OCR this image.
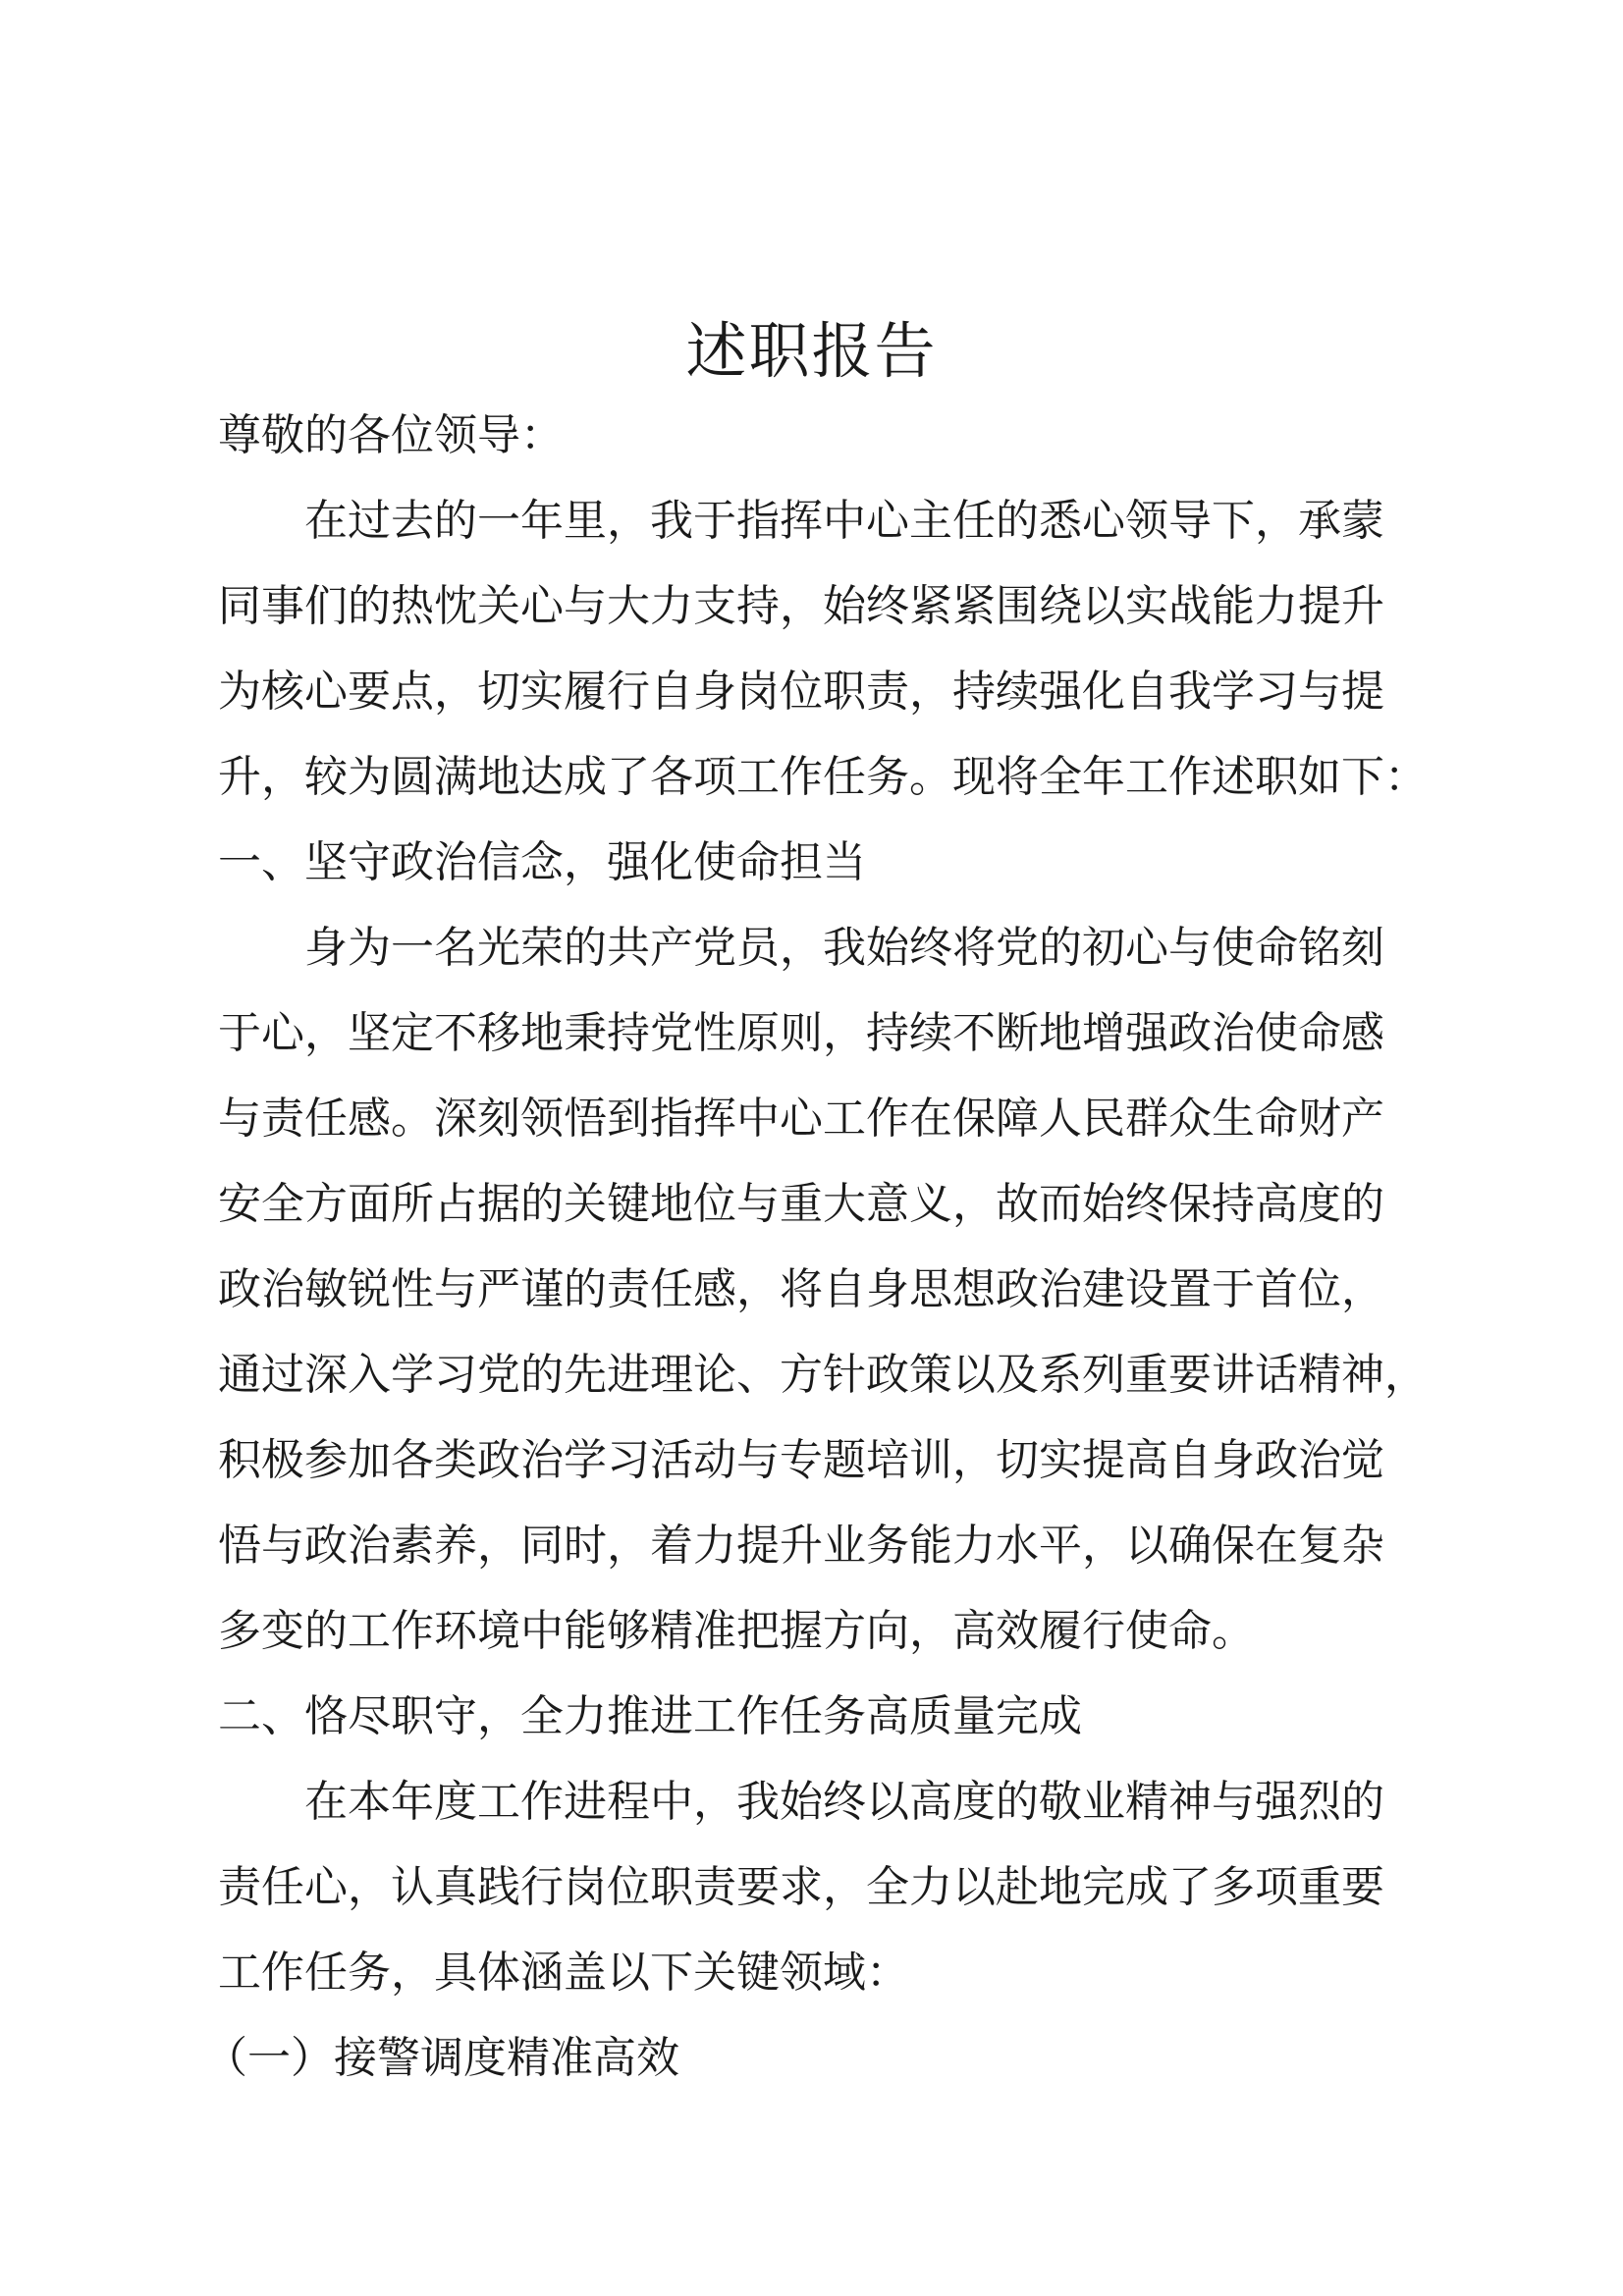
述职报告

尊敬的各位领导：

在过去的一年里，我于指挥中心主任的悉心领导下，承蒙

同事们的热忱关心与大力支持，始终紧紧围绕以实战能力提升

为核心要点，切实履行自身岗位职责，持续强化自我学习与提

升，较为圆满地达成了各项工作任务。现将全年工作述职如下：

一、坚守政治信念，强化使命担当

身为一名光荣的共产党员，我始终将党的初心与使命铭刻

于心，坚定不移地秉持党性原则，持续不断地增强政治使命感

与责任感。深刻领悟到指挥中心工作在保障人民群众生命财产

安全方面所占据的关键地位与重大意义，故而始终保持高度的

政治敏锐性与严谨的责任感，将自身思想政治建设置于首位，

通过深入学习党的先进理论、方针政策以及系列重要讲话精神，

积极参加各类政治学习活动与专题培训，切实提高自身政治觉

悟与政治素养，同时，着力提升业务能力水平，以确保在复杂

多变的工作环境中能够精准把握方向，高效履行使命。

二、恪尽职守，全力推进工作任务高质量完成

在本年度工作进程中，我始终以高度的敬业精神与强烈的

责任心，认真践行岗位职责要求，全力以赴地完成了多项重要

工作任务，具体涵盖以下关键领域：

（一）接警调度精准高效
